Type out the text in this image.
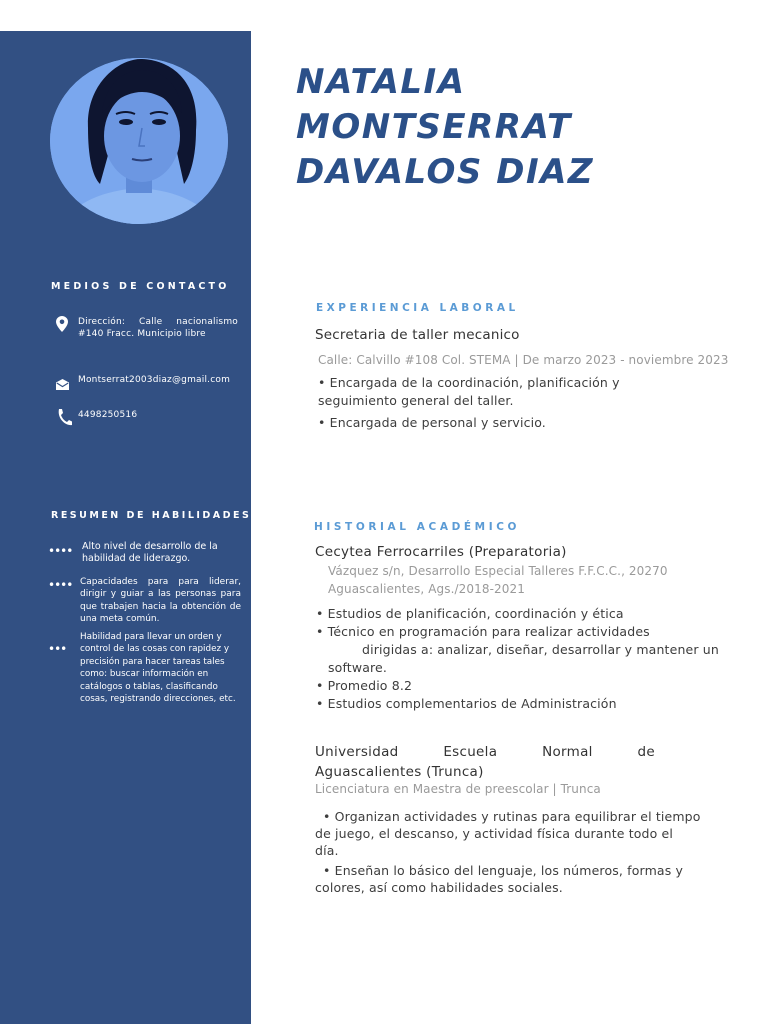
MEDIOS DE CONTACTO
Dirección: Calle nacionalismo #140 Fracc. Municipio libre
Montserrat2003diaz@gmail.com
4498250516
RESUMEN DE HABILIDADES
•••• Alto nivel de desarrollo de la habilidad de liderazgo.
•••• Capacidades para para liderar, dirigir y guiar a las personas para que trabajen hacia la obtención de una meta común.
•••
Habilidad para llevar un orden y control de las cosas con rapidez y precisión para hacer tareas tales como: buscar información en catálogos o tablas, clasificando cosas, registrando direcciones, etc.
NATALIA
MONTSERRAT
DAVALOS DIAZ
EXPERIENCIA LABORAL
Secretaria de taller mecanico
Calle: Calvillo #108 Col. STEMA | De marzo 2023 - noviembre 2023
• Encargada de la coordinación, planificación y
seguimiento general del taller.
• Encargada de personal y servicio.
HISTORIAL ACADÉMICO
Cecytea Ferrocarriles (Preparatoria)
Vázquez s/n, Desarrollo Especial Talleres F.F.C.C., 20270
Aguascalientes, Ags./2018-2021
• Estudios de planificación, coordinación y ética
• Técnico en programación para realizar actividades
dirigidas a: analizar, diseñar, desarrollar y mantener un
software.
• Promedio 8.2
• Estudios complementarios de Administración
Universidad Escuela Normal de
Aguascalientes (Trunca)
Licenciatura en Maestra de preescolar | Trunca
• Organizan actividades y rutinas para equilibrar el tiempo
de juego, el descanso, y actividad física durante todo el
día.
• Enseñan lo básico del lenguaje, los números, formas y
colores, así como habilidades sociales.
